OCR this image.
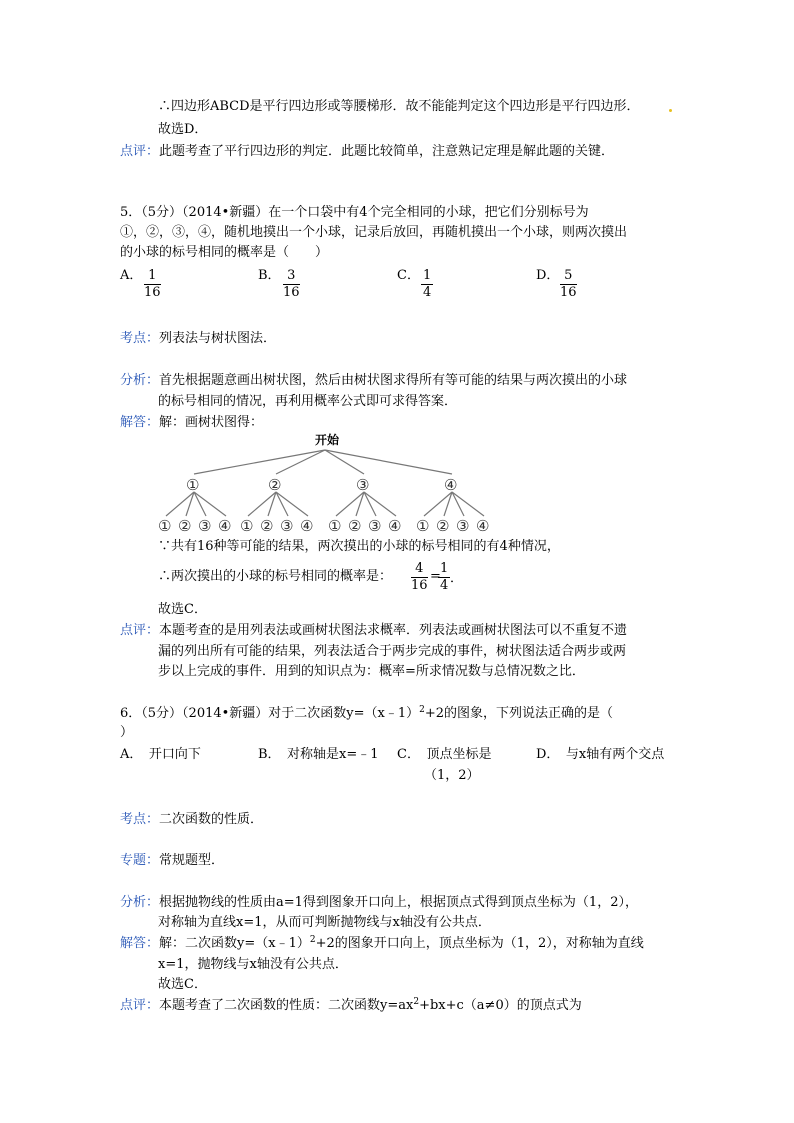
∴四边形ABCD是平行四边形或等腰梯形．故不能能判定这个四边形是平行四边形．
故选D．
点评：此题考查了平行四边形的判定．此题比较简单，注意熟记定理是解此题的关键．
5．（5分）（2014•新疆）在一个口袋中有4个完全相同的小球，把它们分别标号为
①，②，③，④，随机地摸出一个小球，记录后放回，再随机摸出一个小球，则两次摸出
的小球的标号相同的概率是（　　）
A． $\frac{1}{16}$	B． $\frac{3}{16}$	C． $\frac{1}{4}$	D． $\frac{5}{16}$
考点：列表法与树状图法．
分析：首先根据题意画出树状图，然后由树状图求得所有等可能的结果与两次摸出的小球
的标号相同的情况，再利用概率公式即可求得答案．
解答：解：画树状图得：
开始
①	②	③	④
① ② ③ ④ ① ② ③ ④ ① ② ③ ④ ① ② ③ ④
∵共有16种等可能的结果，两次摸出的小球的标号相同的有4种情况，
∴两次摸出的小球的标号相同的概率是： $\frac{4}{16}$ =
$\frac{1}{4}$ ．
故选C．
点评：本题考查的是用列表法或画树状图法求概率．列表法或画树状图法可以不重复不遗
漏的列出所有可能的结果，列表法适合于两步完成的事件，树状图法适合两步或两
步以上完成的事件．用到的知识点为：概率=所求情况数与总情况数之比．
6．（5分）（2014•新疆）对于二次函数y=（x﹣1）$^2$+2的图象，下列说法正确的是（
）
A．　开口向下	B．　对称轴是x=﹣1 C．　顶点坐标是
（1，2）
D．　与x轴有两个交点
考点：二次函数的性质．
专题：常规题型．
分析：根据抛物线的性质由a=1得到图象开口向上，根据顶点式得到顶点坐标为（1，2），
对称轴为直线x=1，从而可判断抛物线与x轴没有公共点．
解答：解：二次函数y=（x﹣1）$^2$+2的图象开口向上，顶点坐标为（1，2），对称轴为直线
x=1，抛物线与x轴没有公共点．
故选C．
点评：本题考查了二次函数的性质：二次函数$y=ax^2+bx+c(a\ne 0)$的顶点式为
